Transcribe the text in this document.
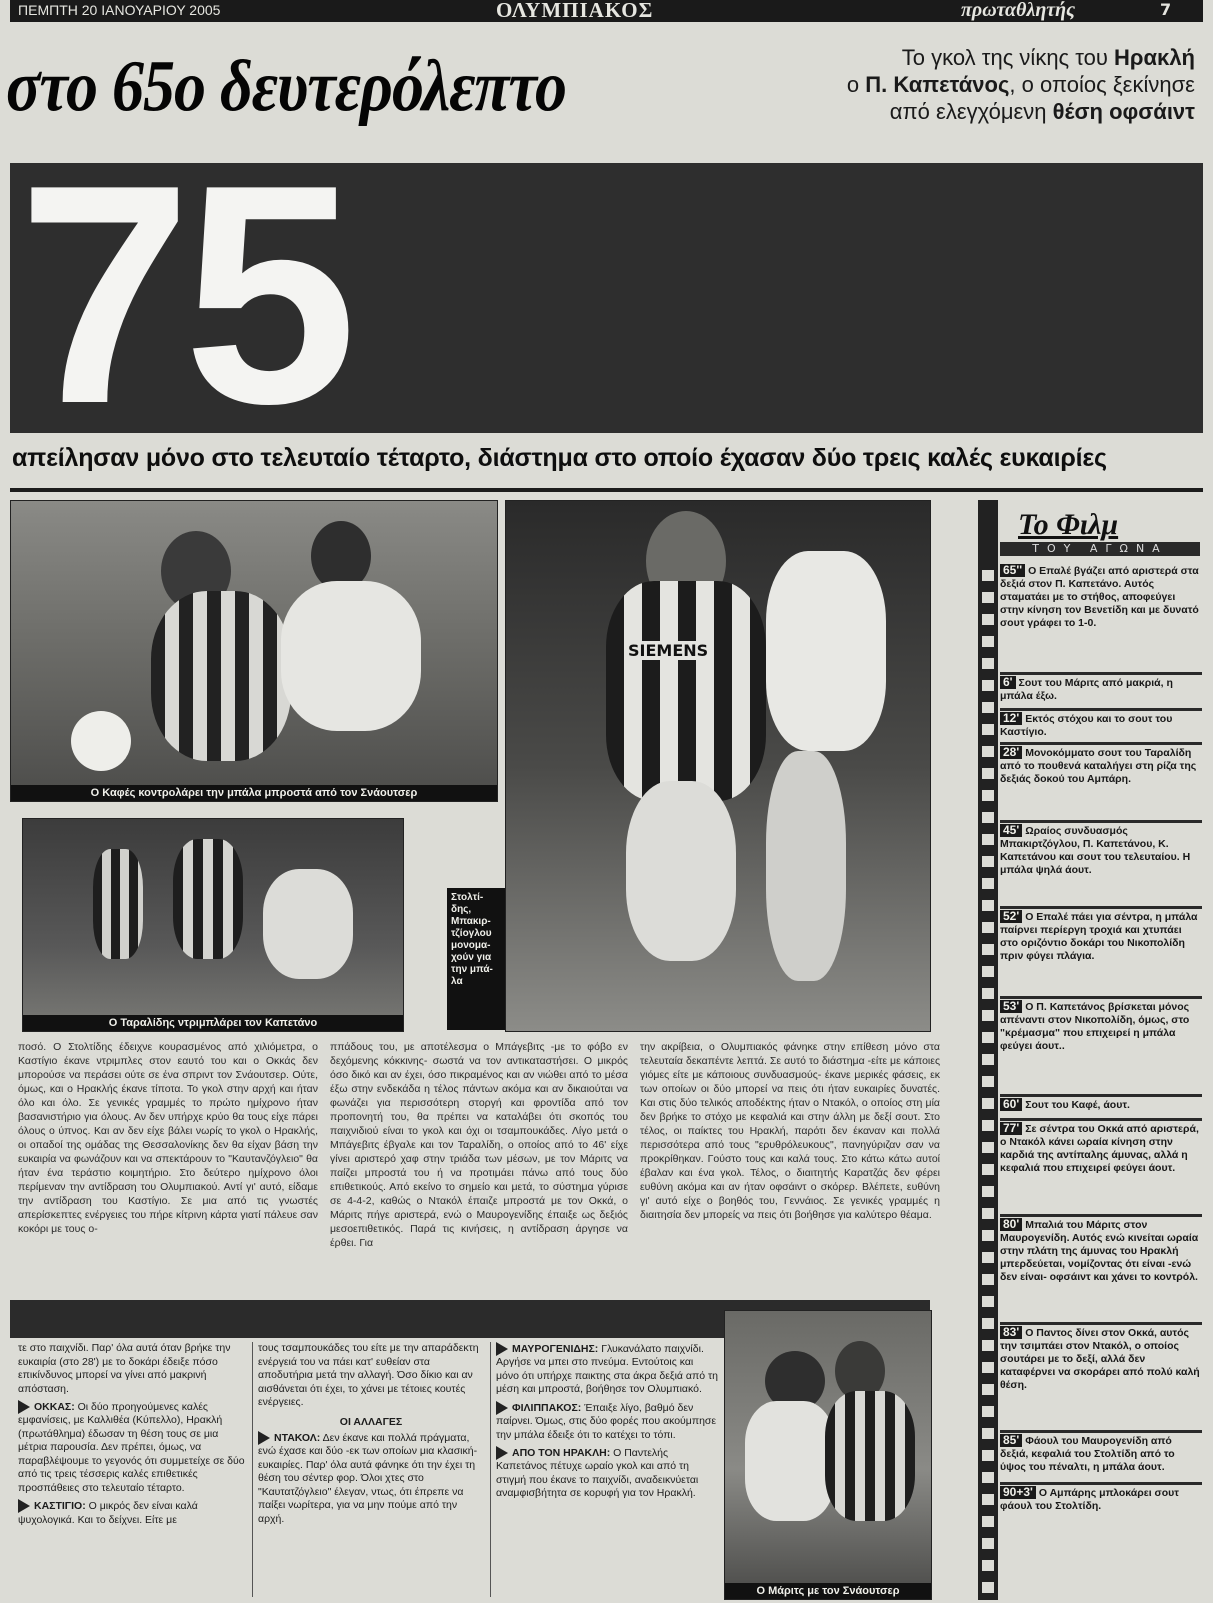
ΠΕΜΠΤΗ 20 ΙΑΝΟΥΑΡΙΟΥ 2005	ΟΛΥΜΠΙΑΚΟΣ	πρωταθλητής	7
στο 65ο δευτερόλεπτο	Το γκολ της νίκης του Ηρακλή
ο Π. Καπετάνος, ο οποίος ξεκίνησε
από ελεγχόμενη θέση οφσάιντ
75
απείλησαν μόνο στο τελευταίο τέταρτο, διάστημα στο οποίο έχασαν δύο τρεις καλές ευκαιρίες
Ο Καφές κοντρολάρει την μπάλα μπροστά από τον Σνάουτσερ
Ο Ταραλίδης ντριμπλάρει τον Καπετάνο
SIEMENS
Στολτί-δης, Μπακιρ-τζίογλου μονομα-χούν για την μπά-λα
ποσό. Ο Στολτίδης έδειχνε κουρασμένος από χιλιόμετρα, ο Καστίγιο έκανε ντριμπλες στον εαυτό του και ο Οκκάς δεν μπορούσε να περάσει ούτε σε ένα σπριντ τον Σνάουτσερ. Ούτε, όμως, και ο Ηρακλής έκανε τίποτα. Το γκολ στην αρχή και ήταν όλο και όλο. Σε γενικές γραμμές το πρώτο ημίχρονο ήταν βασανιστήριο για όλους. Αν δεν υπήρχε κρύο θα τους είχε πάρει όλους ο ύπνος. Και αν δεν είχε βάλει νωρίς το γκολ ο Ηρακλής, οι οπαδοί της ομάδας της Θεσσαλονίκης δεν θα είχαν βάση την ευκαιρία να φωνάζουν και να σπεκτάρουν το "Καυτανζόγλειο" θα ήταν ένα τεράστιο κοιμητήριο. Στο δεύτερο ημίχρονο όλοι περίμεναν την αντίδραση του Ολυμπιακού. Αντί γι' αυτό, είδαμε την αντίδραση του Καστίγιο. Σε μια από τις γνωστές απερίσκεπτες ενέργειες του πήρε κίτρινη κάρτα γιατί πάλευε σαν κοκόρι με τους ο-
ππάδους του, με αποτέλεσμα ο Μπάγεβιτς -με το φόβο εν δεχόμενης κόκκινης- σωστά να τον αντικαταστήσει. Ο μικρός όσο δικό και αν έχει, όσο πικραμένος και αν νιώθει από το μέσα έξω στην ενδεκάδα η τέλος πάντων ακόμα και αν δικαιούται να φωνάζει για περισσότερη στοργή και φροντίδα από τον προπονητή του, θα πρέπει να καταλάβει ότι σκοπός του παιχνιδιού είναι το γκολ και όχι οι τσαμπουκάδες. Λίγο μετά ο Μπάγεβιτς έβγαλε και τον Ταραλίδη, ο οποίος από το 46' είχε γίνει αριστερό χαφ στην τριάδα των μέσων, με τον Μάριτς να παίζει μπροστά του ή να προτιμάει πάνω από τους δύο επιθετικούς. Από εκείνο το σημείο και μετά, το σύστημα γύρισε σε 4-4-2, καθώς ο Ντακόλ έπαιζε μπροστά με τον Οκκά, ο Μάριτς πήγε αριστερά, ενώ ο Μαυρογενίδης έπαιξε ως δεξιός μεσοεπιθετικός. Παρά τις κινήσεις, η αντίδραση άργησε να έρθει. Για
την ακρίβεια, ο Ολυμπιακός φάνηκε στην επίθεση μόνο στα τελευταία δεκαπέντε λεπτά. Σε αυτό το διάστημα -είτε με κάποιες γιόμες είτε με κάποιους συνδυασμούς- έκανε μερικές φάσεις, εκ των οποίων οι δύο μπορεί να πεις ότι ήταν ευκαιρίες δυνατές. Και στις δύο τελικός αποδέκτης ήταν ο Ντακόλ, ο οποίος στη μία δεν βρήκε το στόχο με κεφαλιά και στην άλλη με δεξί σουτ. Στο τέλος, οι παίκτες του Ηρακλή, παρότι δεν έκαναν και πολλά περισσότερα από τους "ερυθρόλευκους", πανηγύριζαν σαν να προκρίθηκαν. Γούστο τους και καλά τους. Στο κάτω κάτω αυτοί έβαλαν και ένα γκολ. Τέλος, ο διαιτητής Καρατζάς δεν φέρει ευθύνη ακόμα και αν ήταν οφσάιντ ο σκόρερ. Βλέπετε, ευθύνη γι' αυτό είχε ο βοηθός του, Γεννάιος. Σε γενικές γραμμές η διαιτησία δεν μπορείς να πεις ότι βοήθησε για καλύτερο θέαμα.
Το Φιλμ
ΤΟΥ ΑΓΩΝΑ
65'' Ο Επαλέ βγάζει από αριστερά στα δεξιά στον Π. Καπετάνο. Αυτός σταματάει με το στήθος, αποφεύγει στην κίνηση τον Βενετίδη και με δυνατό σουτ γράφει το 1-0.
6' Σουτ του Μάριτς από μακριά, η μπάλα έξω.
12' Εκτός στόχου και το σουτ του Καστίγιο.
28' Μονοκόμματο σουτ του Ταραλίδη από το πουθενά καταλήγει στη ρίζα της δεξιάς δοκού του Αμπάρη.
45' Ωραίος συνδυασμός Μπακιρτζόγλου, Π. Καπετάνου, Κ. Καπετάνου και σουτ του τελευταίου. Η μπάλα ψηλά άουτ.
52' Ο Επαλέ πάει για σέντρα, η μπάλα παίρνει περίεργη τροχιά και χτυπάει στο οριζόντιο δοκάρι του Νικοπολίδη πριν φύγει πλάγια.
53' Ο Π. Καπετάνος βρίσκεται μόνος απέναντι στον Νικοπολίδη, όμως, στο "κρέμασμα" που επιχειρεί η μπάλα φεύγει άουτ..
60' Σουτ του Καφέ, άουτ.
77' Σε σέντρα του Οκκά από αριστερά, ο Ντακόλ κάνει ωραία κίνηση στην καρδιά της αντίπαλης άμυνας, αλλά η κεφαλιά που επιχειρεί φεύγει άουτ.
80' Μπαλιά του Μάριτς στον Μαυρογενίδη. Αυτός ενώ κινείται ωραία στην πλάτη της άμυνας του Ηρακλή μπερδεύεται, νομίζοντας ότι είναι -ενώ δεν είναι- οφσάιντ και χάνει το κοντρόλ.
83' Ο Παντος δίνει στον Οκκά, αυτός την τσιμπάει στον Ντακόλ, ο οποίος σουτάρει με το δεξί, αλλά δεν καταφέρνει να σκοράρει από πολύ καλή θέση.
85' Φάουλ του Μαυρογενίδη από δεξιά, κεφαλιά του Στολτίδη από το ύψος του πέναλτι, η μπάλα άουτ.
90+3' Ο Αμπάρης μπλοκάρει σουτ φάουλ του Στολτίδη.
τε στο παιχνίδι. Παρ' όλα αυτά όταν βρήκε την ευκαιρία (στο 28') με το δοκάρι έδειξε πόσο επικίνδυνος μπορεί να γίνει από μακρινή απόσταση.
ΟΚΚΑΣ: Οι δύο προηγούμενες καλές εμφανίσεις, με Καλλιθέα (Κύπελλο), Ηρακλή (πρωτάθλημα) έδωσαν τη θέση τους σε μια μέτρια παρουσία. Δεν πρέπει, όμως, να παραβλέψουμε το γεγονός ότι συμμετείχε σε δύο από τις τρεις τέσσερις καλές επιθετικές προσπάθειες στο τελευταίο τέταρτο.
ΚΑΣΤΙΓΙΟ: Ο μικρός δεν είναι καλά ψυχολογικά. Και το δείχνει. Είτε με
τους τσαμπουκάδες του είτε με την απαράδεκτη ενέργειά του να πάει κατ' ευθείαν στα αποδυτήρια μετά την αλλαγή. Όσο δίκιο και αν αισθάνεται ότι έχει, το χάνει με τέτοιες κουτές ενέργειες.
ΟΙ ΑΛΛΑΓΕΣ
ΝΤΑΚΟΛ: Δεν έκανε και πολλά πράγματα, ενώ έχασε και δύο -εκ των οποίων μια κλασική- ευκαιρίες. Παρ' όλα αυτά φάνηκε ότι την έχει τη θέση του σέντερ φορ. Όλοι χτες στο "Καυτατζόγλειο" έλεγαν, ντως, ότι έπρεπε να παίξει νωρίτερα, για να μην πούμε από την αρχή.
ΜΑΥΡΟΓΕΝΙΔΗΣ: Γλυκανάλατο παιχνίδι. Αργήσε να μπει στο πνεύμα. Εντούτοις και μόνο ότι υπήρχε παικτης στα άκρα δεξιά από τη μέση και μπροστά, βοήθησε τον Ολυμπιακό.
ΦΙΛΙΠΠΑΚΟΣ: Έπαιξε λίγο, βαθμό δεν παίρνει. Όμως, στις δύο φορές που ακούμπησε την μπάλα έδειξε ότι το κατέχει το τόπι.
ΑΠΟ ΤΟΝ ΗΡΑΚΛΗ: Ο Παντελής Καπετάνος πέτυχε ωραίο γκολ και από τη στιγμή που έκανε το παιχνίδι, αναδεικνύεται αναμφισβήτητα σε κορυφή για τον Ηρακλή.
Ο Μάριτς με τον Σνάουτσερ
